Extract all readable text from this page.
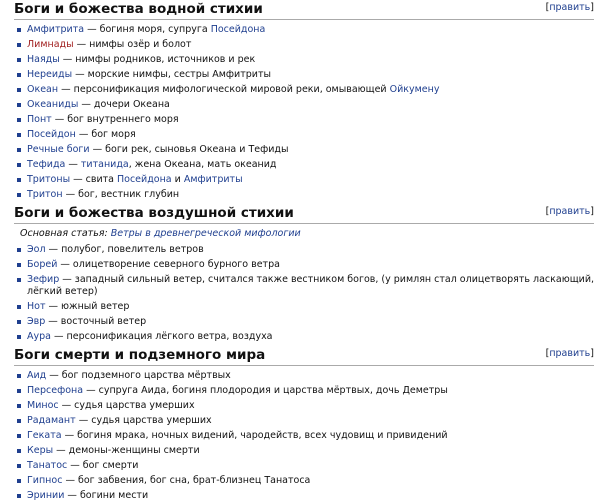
Боги и божества водной стихии	[править]
Амфитрита — богиня моря, супруга Посейдона
Лимнады — нимфы озёр и болот
Наяды — нимфы родников, источников и рек
Нереиды — морские нимфы, сестры Амфитриты
Океан — персонификация мифологической мировой реки, омывающей Ойкумену
Океаниды — дочери Океана
Понт — бог внутреннего моря
Посейдон — бог моря
Речные боги — боги рек, сыновья Океана и Тефиды
Тефида — титанида, жена Океана, мать океанид
Тритоны — свита Посейдона и Амфитриты
Тритон — бог, вестник глубин
Боги и божества воздушной стихии	[править]
Основная статья: Ветры в древнегреческой мифологии
Эол — полубог, повелитель ветров
Борей — олицетворение северного бурного ветра
Зефир — западный сильный ветер, считался также вестником богов, (у римлян стал олицетворять ласкающий, лёгкий ветер)
Нот — южный ветер
Эвр — восточный ветер
Аура — персонификация лёгкого ветра, воздуха
Боги смерти и подземного мира	[править]
Аид — бог подземного царства мёртвых
Персефона — супруга Аида, богиня плодородия и царства мёртвых, дочь Деметры
Минос — судья царства умерших
Радамант — судья царства умерших
Геката — богиня мрака, ночных видений, чародейств, всех чудовищ и привидений
Керы — демоны-женщины смерти
Танатос — бог смерти
Гипнос — бог забвения, бог сна, брат-близнец Танатоса
Эринии — богини мести
